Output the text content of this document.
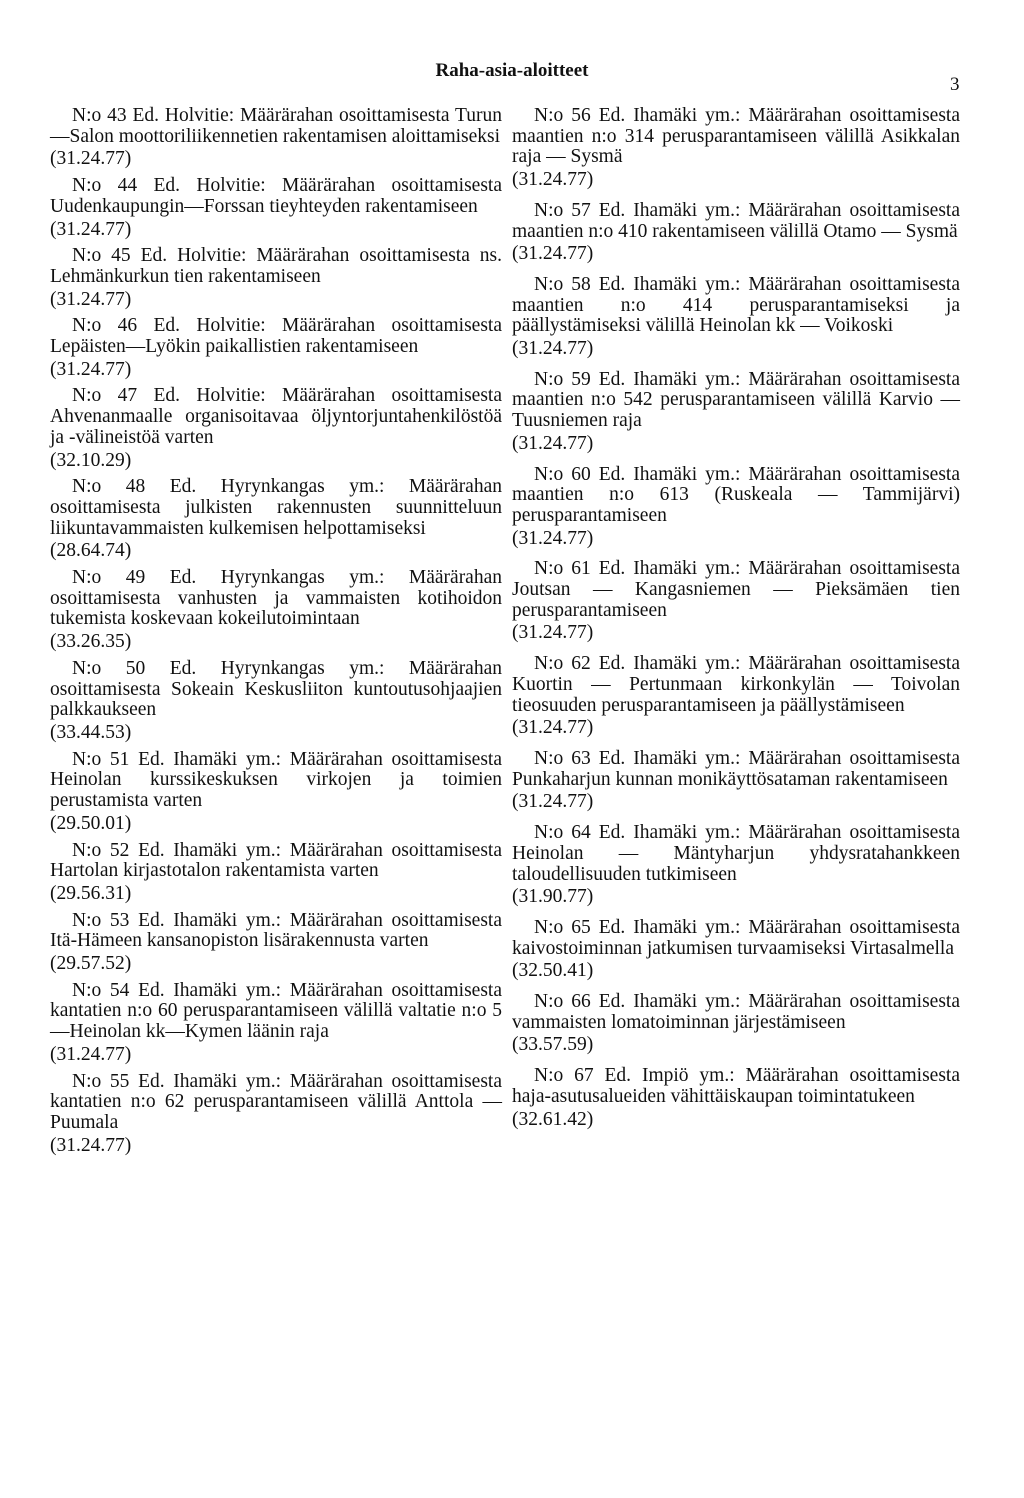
Raha-asia-aloitteet
3
N:o 43 Ed. Holvitie: Määrärahan osoittamisesta Turun—Salon moottoriliikennetien rakentamisen aloittamiseksi
(31.24.77)
N:o 44 Ed. Holvitie: Määrärahan osoittamisesta Uudenkaupungin—Forssan tieyhteyden rakentamiseen
(31.24.77)
N:o 45 Ed. Holvitie: Määrärahan osoittamisesta ns. Lehmänkurkun tien rakentamiseen
(31.24.77)
N:o 46 Ed. Holvitie: Määrärahan osoittamisesta Lepäisten—Lyökin paikallistien rakentamiseen
(31.24.77)
N:o 47 Ed. Holvitie: Määrärahan osoittamisesta Ahvenanmaalle organisoitavaa öljyntorjuntahenkilöstöä ja -välineistöä varten
(32.10.29)
N:o 48 Ed. Hyrynkangas ym.: Määrärahan osoittamisesta julkisten rakennusten suunnitteluun liikuntavammaisten kulkemisen helpottamiseksi
(28.64.74)
N:o 49 Ed. Hyrynkangas ym.: Määrärahan osoittamisesta vanhusten ja vammaisten kotihoidon tukemista koskevaan kokeilutoimintaan
(33.26.35)
N:o 50 Ed. Hyrynkangas ym.: Määrärahan osoittamisesta Sokeain Keskusliiton kuntoutusohjaajien palkkaukseen
(33.44.53)
N:o 51 Ed. Ihamäki ym.: Määrärahan osoittamisesta Heinolan kurssikeskuksen virkojen ja toimien perustamista varten
(29.50.01)
N:o 52 Ed. Ihamäki ym.: Määrärahan osoittamisesta Hartolan kirjastotalon rakentamista varten
(29.56.31)
N:o 53 Ed. Ihamäki ym.: Määrärahan osoittamisesta Itä-Hämeen kansanopiston lisärakennusta varten
(29.57.52)
N:o 54 Ed. Ihamäki ym.: Määrärahan osoittamisesta kantatien n:o 60 perusparantamiseen välillä valtatie n:o 5—Heinolan kk—Kymen läänin raja
(31.24.77)
N:o 55 Ed. Ihamäki ym.: Määrärahan osoittamisesta kantatien n:o 62 perusparantamiseen välillä Anttola — Puumala
(31.24.77)
N:o 56 Ed. Ihamäki ym.: Määrärahan osoittamisesta maantien n:o 314 perusparantamiseen välillä Asikkalan raja — Sysmä
(31.24.77)
N:o 57 Ed. Ihamäki ym.: Määrärahan osoittamisesta maantien n:o 410 rakentamiseen välillä Otamo — Sysmä
(31.24.77)
N:o 58 Ed. Ihamäki ym.: Määrärahan osoittamisesta maantien n:o 414 perusparantamiseksi ja päällystämiseksi välillä Heinolan kk — Voikoski
(31.24.77)
N:o 59 Ed. Ihamäki ym.: Määrärahan osoittamisesta maantien n:o 542 perusparantamiseen välillä Karvio — Tuusniemen raja
(31.24.77)
N:o 60 Ed. Ihamäki ym.: Määrärahan osoittamisesta maantien n:o 613 (Ruskeala — Tammijärvi) perusparantamiseen
(31.24.77)
N:o 61 Ed. Ihamäki ym.: Määrärahan osoittamisesta Joutsan — Kangasniemen — Pieksämäen tien perusparantamiseen
(31.24.77)
N:o 62 Ed. Ihamäki ym.: Määrärahan osoittamisesta Kuortin — Pertunmaan kirkonkylän — Toivolan tieosuuden perusparantamiseen ja päällystämiseen
(31.24.77)
N:o 63 Ed. Ihamäki ym.: Määrärahan osoittamisesta Punkaharjun kunnan monikäyttösataman rakentamiseen
(31.24.77)
N:o 64 Ed. Ihamäki ym.: Määrärahan osoittamisesta Heinolan — Mäntyharjun yhdysratahankkeen taloudellisuuden tutkimiseen
(31.90.77)
N:o 65 Ed. Ihamäki ym.: Määrärahan osoittamisesta kaivostoiminnan jatkumisen turvaamiseksi Virtasalmella
(32.50.41)
N:o 66 Ed. Ihamäki ym.: Määrärahan osoittamisesta vammaisten lomatoiminnan järjestämiseen
(33.57.59)
N:o 67 Ed. Impiö ym.: Määrärahan osoittamisesta haja-asutusalueiden vähittäiskaupan toimintatukeen
(32.61.42)
